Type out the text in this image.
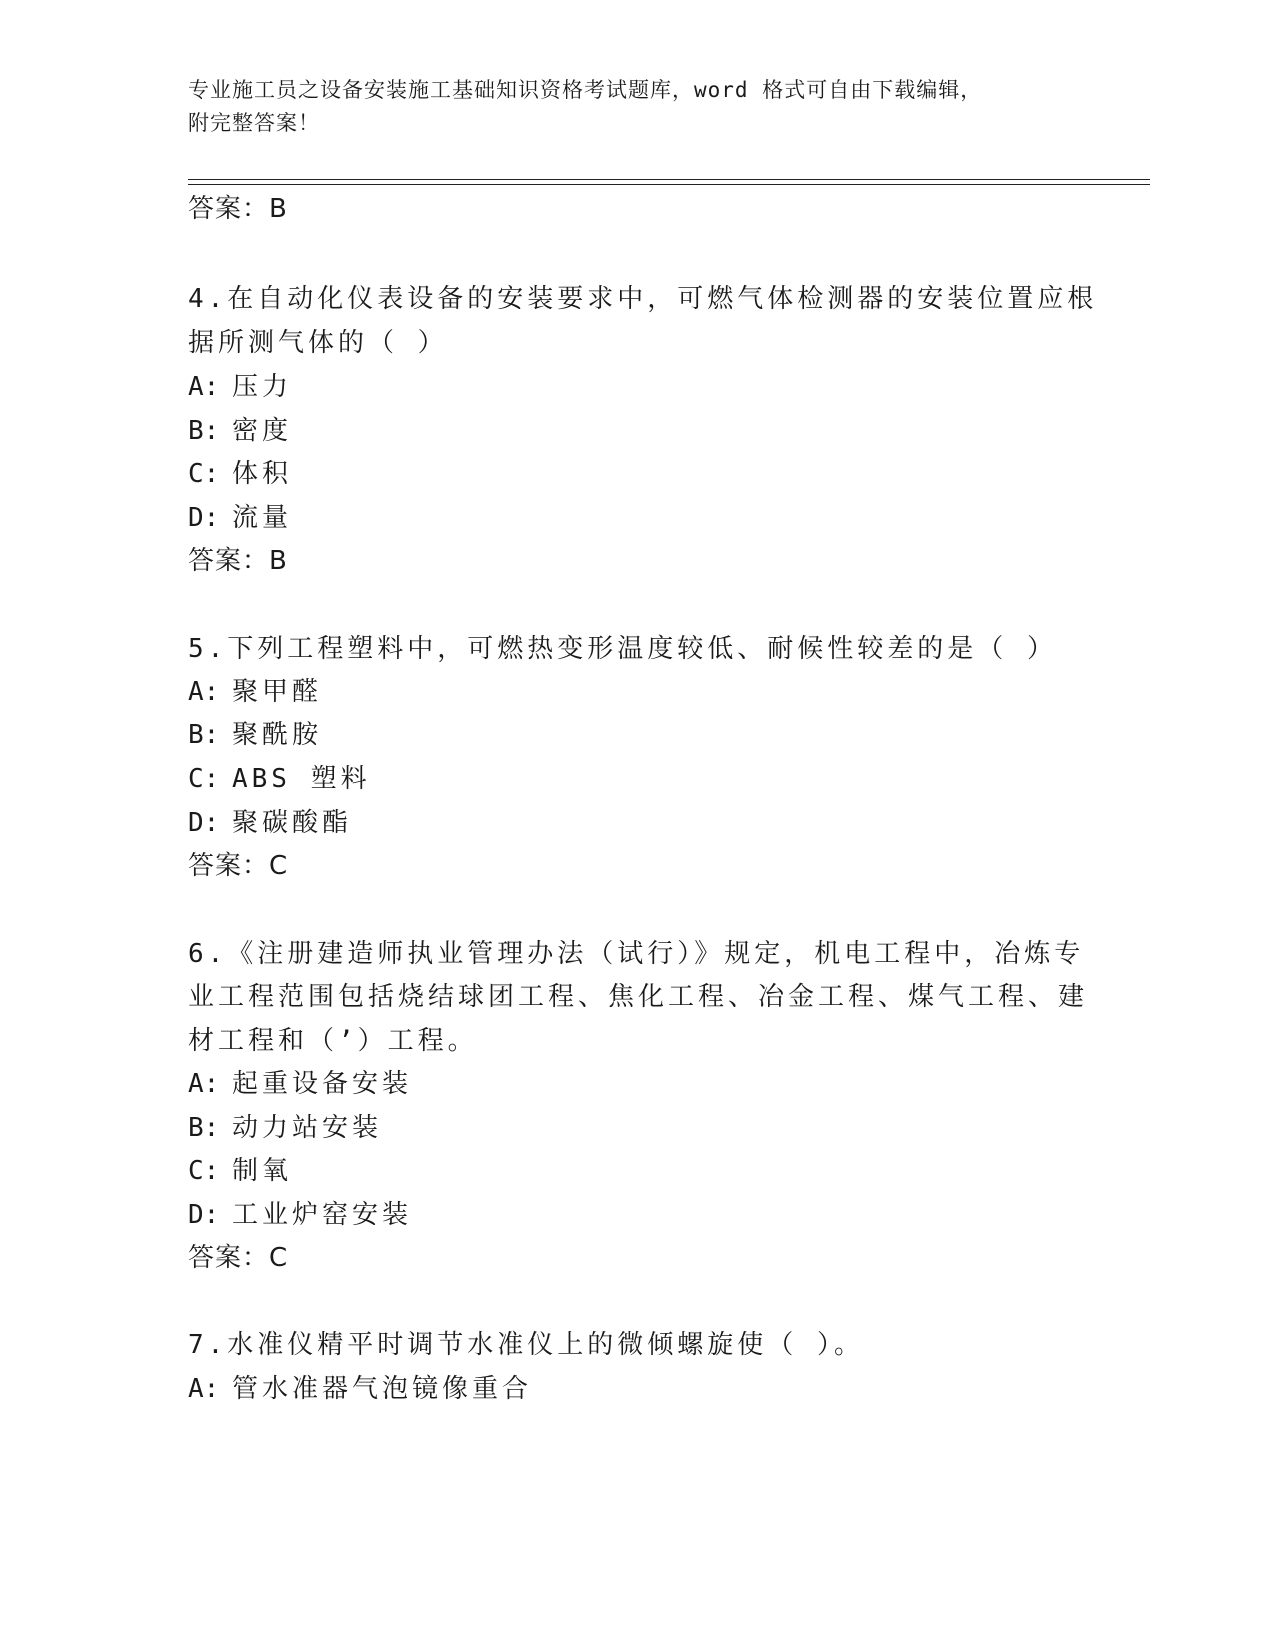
专业施工员之设备安装施工基础知识资格考试题库，word 格式可自由下载编辑，
附完整答案！
答案：B
4.在自动化仪表设备的安装要求中，可燃气体检测器的安装位置应根
据所测气体的（ ）
A: 压力
B: 密度
C: 体积
D: 流量
答案：B
5.下列工程塑料中，可燃热变形温度较低、耐候性较差的是（ ）
A: 聚甲醛
B: 聚酰胺
C: ABS 塑料
D: 聚碳酸酯
答案：C
6.《注册建造师执业管理办法（试行）》规定，机电工程中，冶炼专
业工程范围包括烧结球团工程、焦化工程、冶金工程、煤气工程、建
材工程和（’）工程。
A: 起重设备安装
B: 动力站安装
C: 制氧
D: 工业炉窑安装
答案：C
7.水准仪精平时调节水准仪上的微倾螺旋使（ ）。
A: 管水准器气泡镜像重合
